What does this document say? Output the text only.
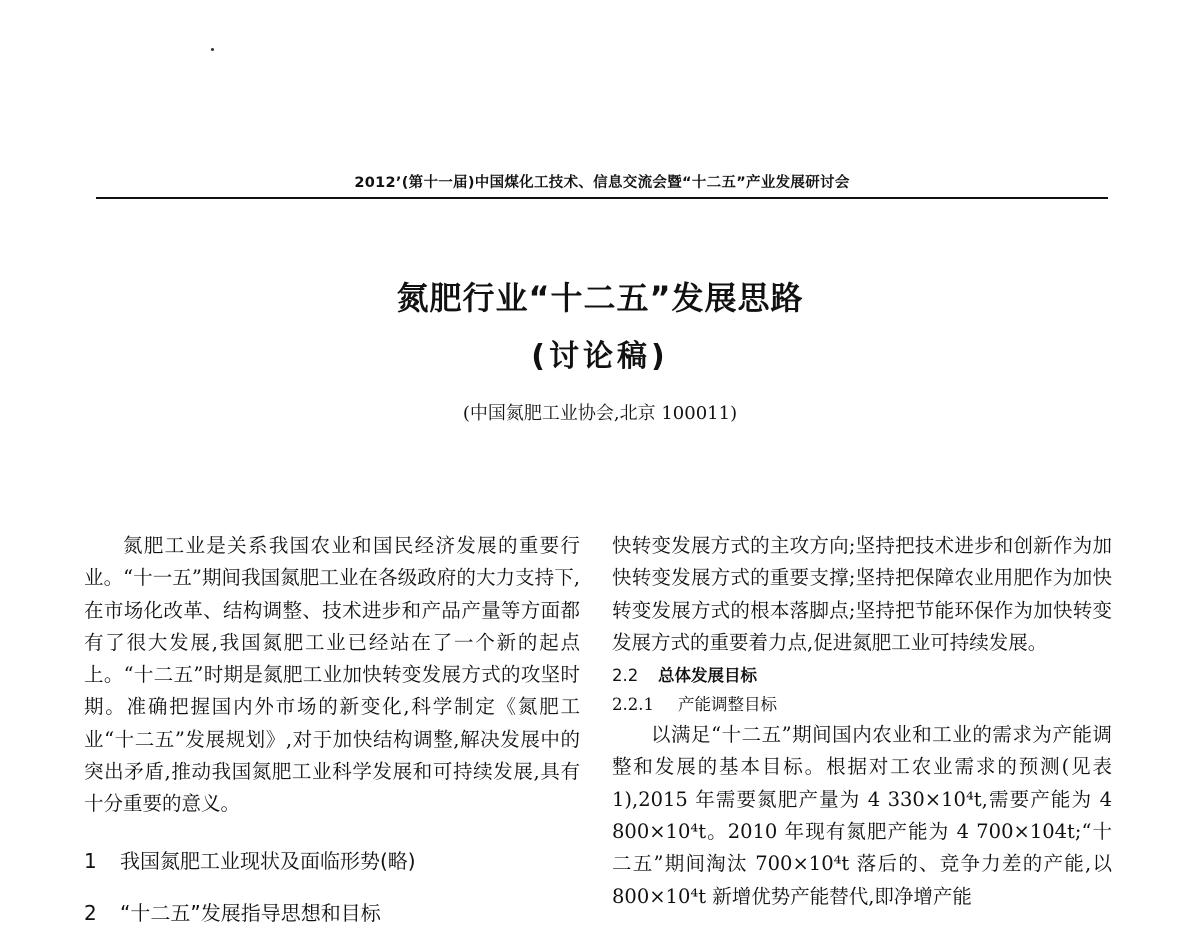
2012’(第十一届)中国煤化工技术、信息交流会暨“十二五”产业发展研讨会
氮肥行业“十二五”发展思路
(讨论稿)
(中国氮肥工业协会,北京 100011)

氮肥工业是关系我国农业和国民经济发展的重要行业。“十一五”期间我国氮肥工业在各级政府的大力支持下,在市场化改革、结构调整、技术进步和产品产量等方面都有了很大发展,我国氮肥工业已经站在了一个新的起点上。“十二五”时期是氮肥工业加快转变发展方式的攻坚时期。准确把握国内外市场的新变化,科学制定《氮肥工业“十二五”发展规划》,对于加快结构调整,解决发展中的突出矛盾,推动我国氮肥工业科学发展和可持续发展,具有十分重要的意义。

1 我国氮肥工业现状及面临形势(略)

2 “十二五”发展指导思想和目标

快转变发展方式的主攻方向;坚持把技术进步和创新作为加快转变发展方式的重要支撑;坚持把保障农业用肥作为加快转变发展方式的根本落脚点;坚持把节能环保作为加快转变发展方式的重要着力点,促进氮肥工业可持续发展。

2.2 总体发展目标

2.2.1 产能调整目标

以满足“十二五”期间国内农业和工业的需求为产能调整和发展的基本目标。根据对工农业需求的预测(见表 1),2015 年需要氮肥产量为 4 330×10⁴t,需要产能为 4 800×10⁴t。2010 年现有氮肥产能为 4 700×104t;“十二五”期间淘汰 700×10⁴t 落后的、竞争力差的产能,以 800×10⁴t 新增优势产能替代,即净增产能
